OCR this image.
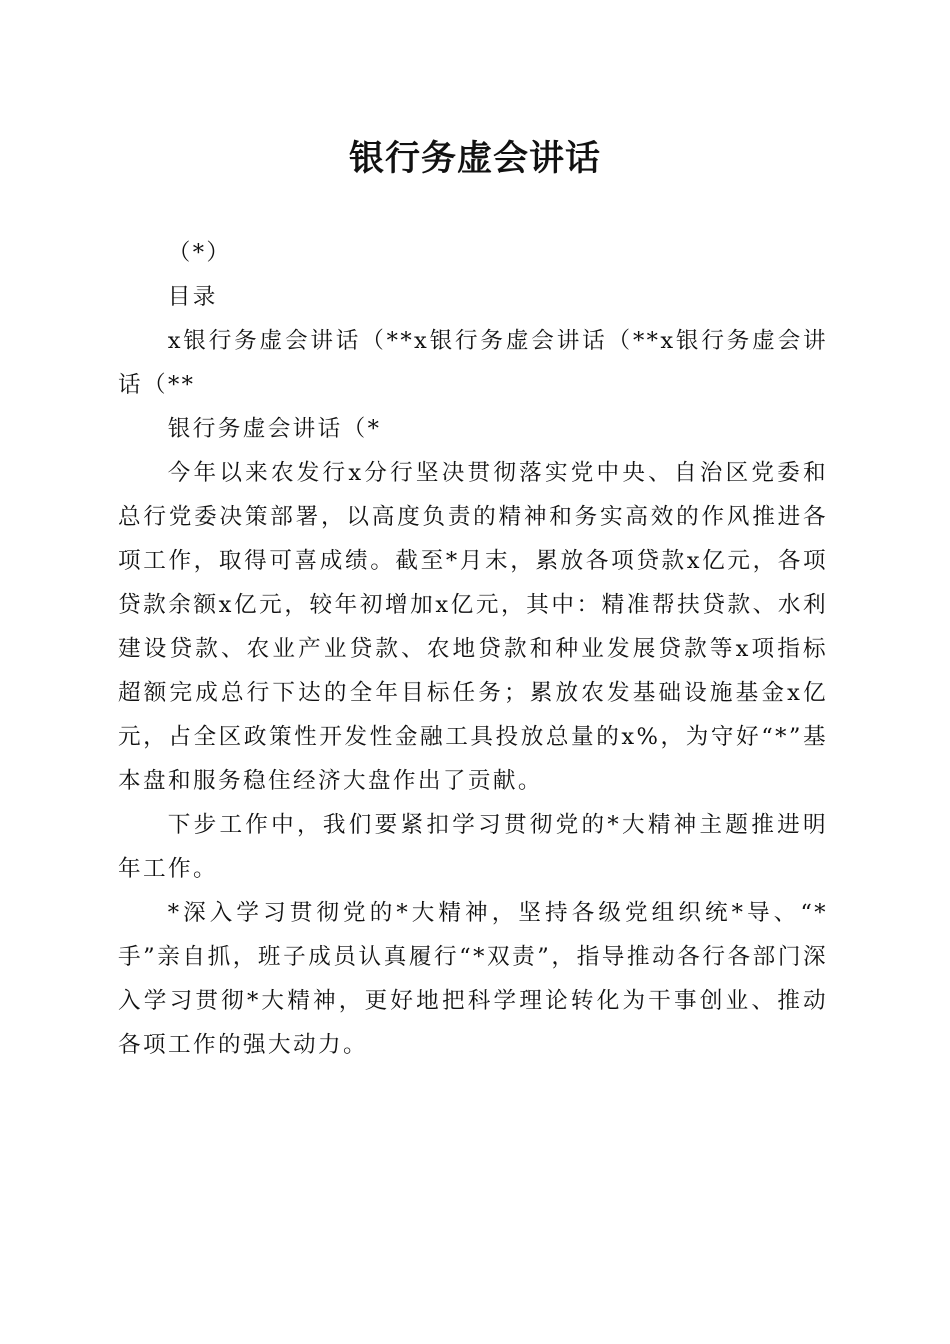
银行务虚会讲话

（*）

目录

x银行务虚会讲话（**x银行务虚会讲话（**x银行务虚会讲话（**

银行务虚会讲话（*

今年以来农发行x分行坚决贯彻落实党中央、自治区党委和总行党委决策部署，以高度负责的精神和务实高效的作风推进各项工作，取得可喜成绩。截至*月末，累放各项贷款x亿元，各项贷款余额x亿元，较年初增加x亿元，其中：精准帮扶贷款、水利建设贷款、农业产业贷款、农地贷款和种业发展贷款等x项指标超额完成总行下达的全年目标任务；累放农发基础设施基金x亿元，占全区政策性开发性金融工具投放总量的x%，为守好“*”基本盘和服务稳住经济大盘作出了贡献。

下步工作中，我们要紧扣学习贯彻党的*大精神主题推进明年工作。

*深入学习贯彻党的*大精神，坚持各级党组织统*导、“*手”亲自抓，班子成员认真履行“*双责”，指导推动各行各部门深入学习贯彻*大精神，更好地把科学理论转化为干事创业、推动各项工作的强大动力。
